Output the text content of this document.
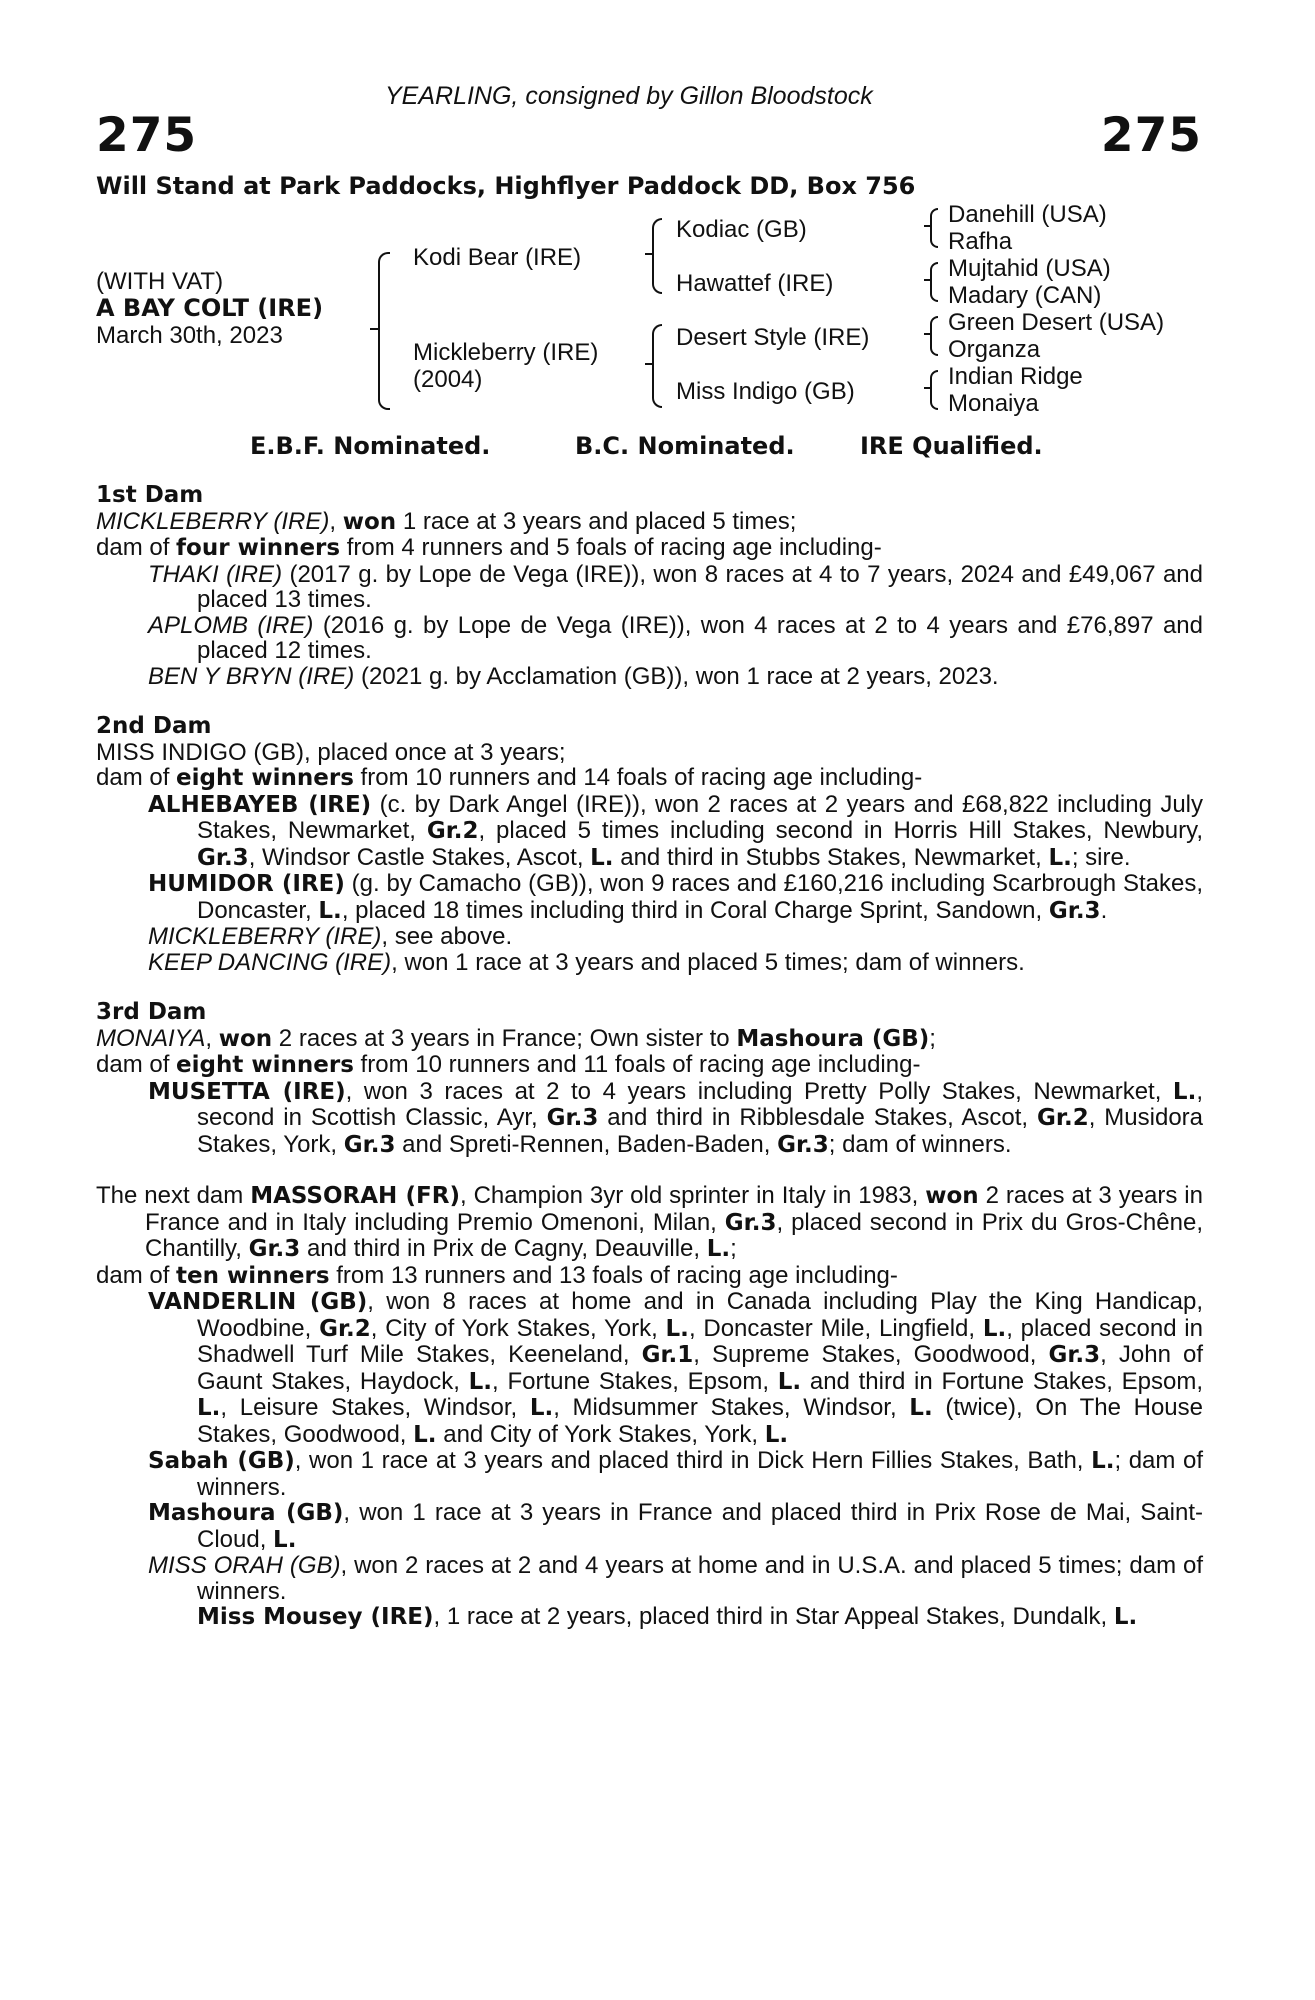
YEARLING, consigned by Gillon Bloodstock
275	275
Will Stand at Park Paddocks, Highflyer Paddock DD, Box 756
(WITH VAT)
A BAY COLT (IRE)
March 30th, 2023
Kodi Bear (IRE)
Mickleberry (IRE)
(2004)
Kodiac (GB)
Hawattef (IRE)
Desert Style (IRE)
Miss Indigo (GB)
Danehill (USA)
Rafha
Mujtahid (USA)
Madary (CAN)
Green Desert (USA)
Organza
Indian Ridge
Monaiya
E.B.F. Nominated.	B.C. Nominated.	IRE Qualified.
1st Dam
MICKLEBERRY (IRE), won 1 race at 3 years and placed 5 times;
dam of four winners from 4 runners and 5 foals of racing age including-
THAKI (IRE) (2017 g. by Lope de Vega (IRE)), won 8 races at 4 to 7 years, 2024 and £49,067 and placed 13 times.
APLOMB (IRE) (2016 g. by Lope de Vega (IRE)), won 4 races at 2 to 4 years and £76,897 and placed 12 times.
BEN Y BRYN (IRE) (2021 g. by Acclamation (GB)), won 1 race at 2 years, 2023.
2nd Dam
MISS INDIGO (GB), placed once at 3 years;
dam of eight winners from 10 runners and 14 foals of racing age including-
ALHEBAYEB (IRE) (c. by Dark Angel (IRE)), won 2 races at 2 years and £68,822 including July Stakes, Newmarket, Gr.2, placed 5 times including second in Horris Hill Stakes, Newbury, Gr.3, Windsor Castle Stakes, Ascot, L. and third in Stubbs Stakes, Newmarket, L.; sire.
HUMIDOR (IRE) (g. by Camacho (GB)), won 9 races and £160,216 including Scarbrough Stakes, Doncaster, L., placed 18 times including third in Coral Charge Sprint, Sandown, Gr.3.
MICKLEBERRY (IRE), see above.
KEEP DANCING (IRE), won 1 race at 3 years and placed 5 times; dam of winners.
3rd Dam
MONAIYA, won 2 races at 3 years in France; Own sister to Mashoura (GB);
dam of eight winners from 10 runners and 11 foals of racing age including-
MUSETTA (IRE), won 3 races at 2 to 4 years including Pretty Polly Stakes, Newmarket, L., second in Scottish Classic, Ayr, Gr.3 and third in Ribblesdale Stakes, Ascot, Gr.2, Musidora Stakes, York, Gr.3 and Spreti-Rennen, Baden-Baden, Gr.3; dam of winners.
The next dam MASSORAH (FR), Champion 3yr old sprinter in Italy in 1983, won 2 races at 3 years in France and in Italy including Premio Omenoni, Milan, Gr.3, placed second in Prix du Gros-Chêne, Chantilly, Gr.3 and third in Prix de Cagny, Deauville, L.;
dam of ten winners from 13 runners and 13 foals of racing age including-
VANDERLIN (GB), won 8 races at home and in Canada including Play the King Handicap, Woodbine, Gr.2, City of York Stakes, York, L., Doncaster Mile, Lingfield, L., placed second in Shadwell Turf Mile Stakes, Keeneland, Gr.1, Supreme Stakes, Goodwood, Gr.3, John of Gaunt Stakes, Haydock, L., Fortune Stakes, Epsom, L. and third in Fortune Stakes, Epsom, L., Leisure Stakes, Windsor, L., Midsummer Stakes, Windsor, L. (twice), On The House Stakes, Goodwood, L. and City of York Stakes, York, L.
Sabah (GB), won 1 race at 3 years and placed third in Dick Hern Fillies Stakes, Bath, L.; dam of winners.
Mashoura (GB), won 1 race at 3 years in France and placed third in Prix Rose de Mai, Saint-Cloud, L.
MISS ORAH (GB), won 2 races at 2 and 4 years at home and in U.S.A. and placed 5 times; dam of winners.
Miss Mousey (IRE), 1 race at 2 years, placed third in Star Appeal Stakes, Dundalk, L.
